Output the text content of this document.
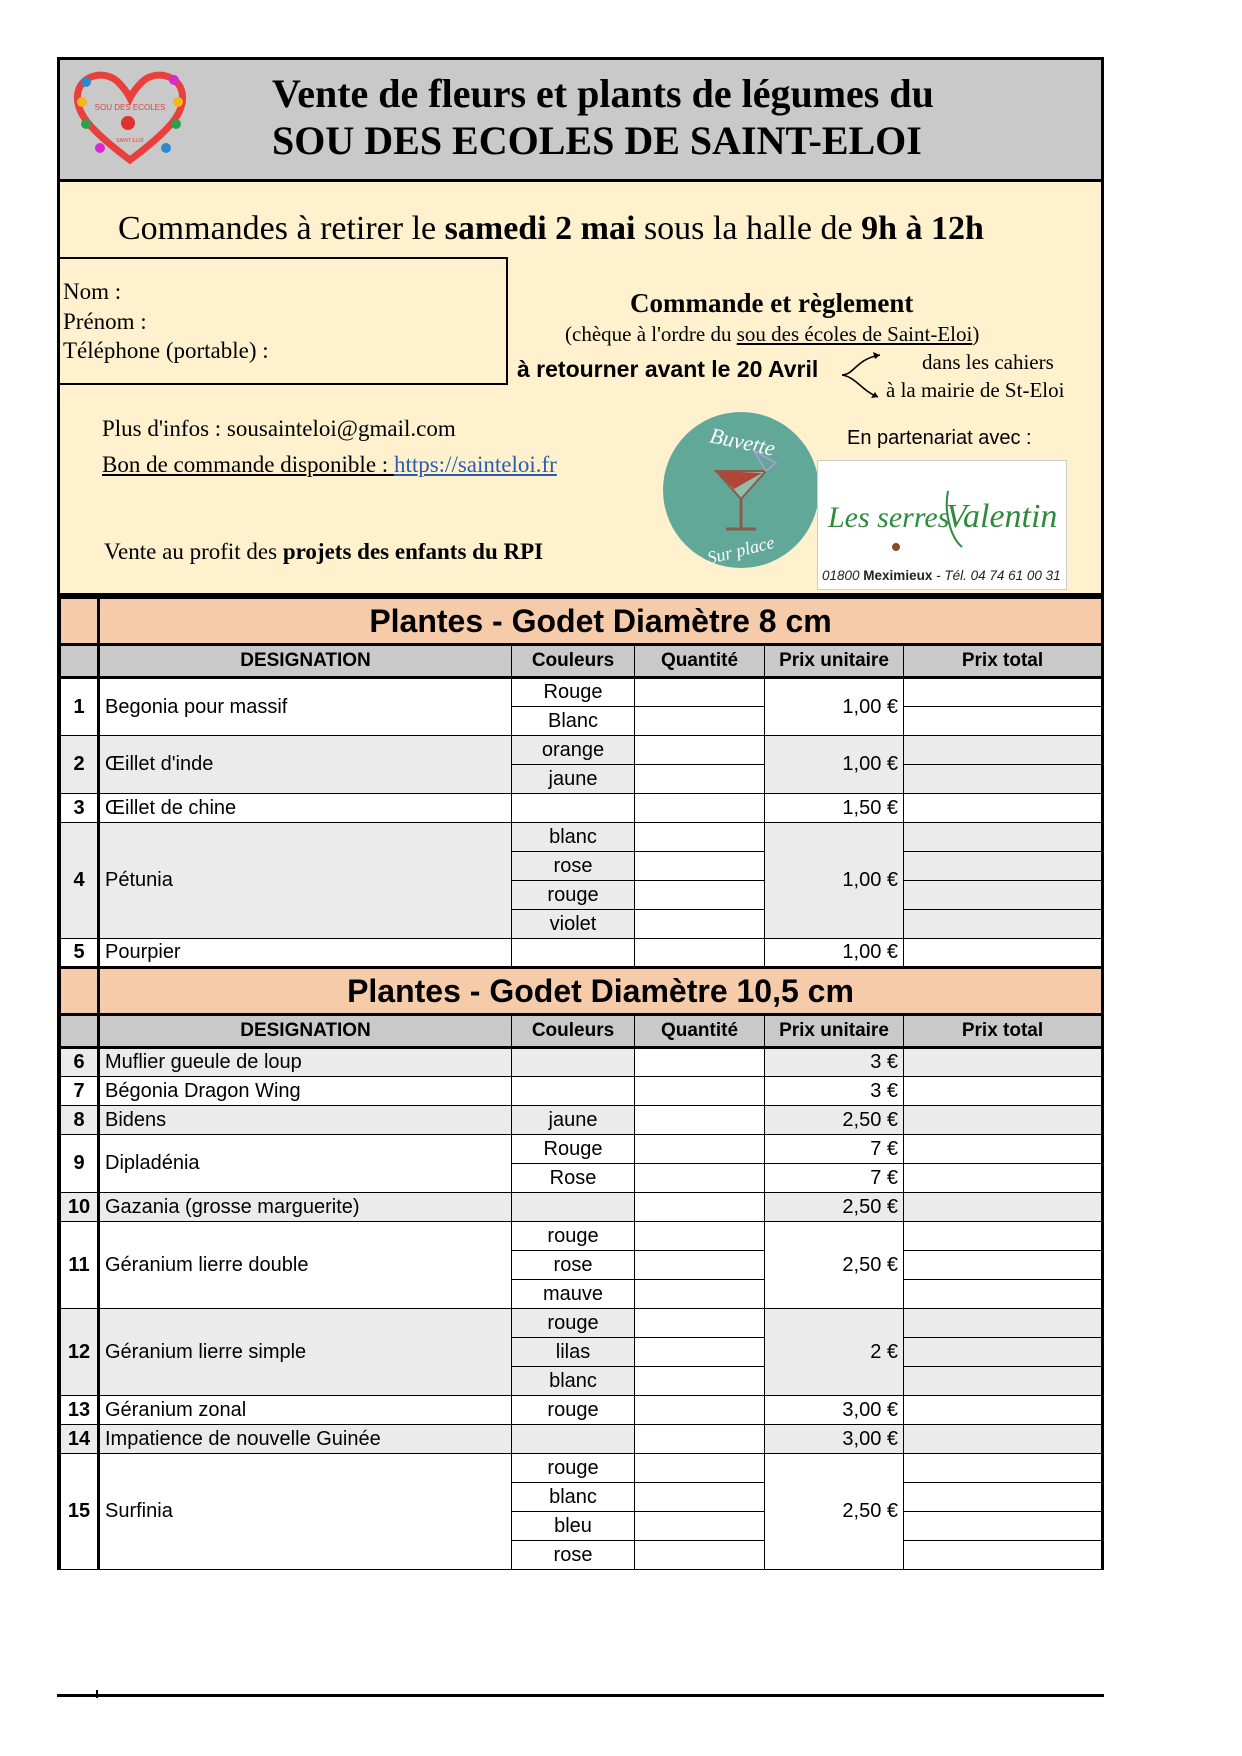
SOU DES ECOLES
SAINT ELOI
Vente de fleurs et plants de légumes du
SOU DES ECOLES DE SAINT-ELOI
Commandes à retirer le samedi 2 mai sous la halle de 9h à 12h
Nom :
Prénom :
Téléphone (portable) :
Commande et règlement
(chèque à l'ordre du sou des écoles de Saint-Eloi)
à retourner avant le 20 Avril	dans les cahiers
à la mairie de St-Eloi
Plus d'infos : sousainteloi@gmail.com
Bon de commande disponible : https://sainteloi.fr
Vente au profit des projets des enfants du RPI
Buvette
Sur place
En partenariat avec :
Les serres
Valentin
01800 Meximieux - Tél. 04 74 61 00 31
	Plantes - Godet Diamètre 8 cm				
	DESIGNATION	Couleurs	Quantité	Prix unitaire	Prix total
1	Begonia pour massif	Rouge		1,00 €	
		Blanc			
2	Œillet d'inde	orange		1,00 €	
		jaune			
3	Œillet de chine			1,50 €	
4	Pétunia	blanc		1,00 €	
		rose			
		rouge			
		violet			
5	Pourpier			1,00 €	
	Plantes - Godet Diamètre 10,5 cm				
	DESIGNATION	Couleurs	Quantité	Prix unitaire	Prix total
6	Muflier gueule de loup			3 €	
7	Bégonia Dragon Wing			3 €	
8	Bidens	jaune		2,50 €	
9	Dipladénia	Rouge		7 €	
		Rose		7 €	
10	Gazania (grosse marguerite)			2,50 €	
11	Géranium lierre double	rouge		2,50 €	
		rose			
		mauve			
12	Géranium lierre simple	rouge		2 €	
		lilas			
		blanc			
13	Géranium zonal	rouge		3,00 €	
14	Impatience de nouvelle Guinée			3,00 €	
15	Surfinia	rouge		2,50 €	
		blanc			
		bleu			
		rose			
